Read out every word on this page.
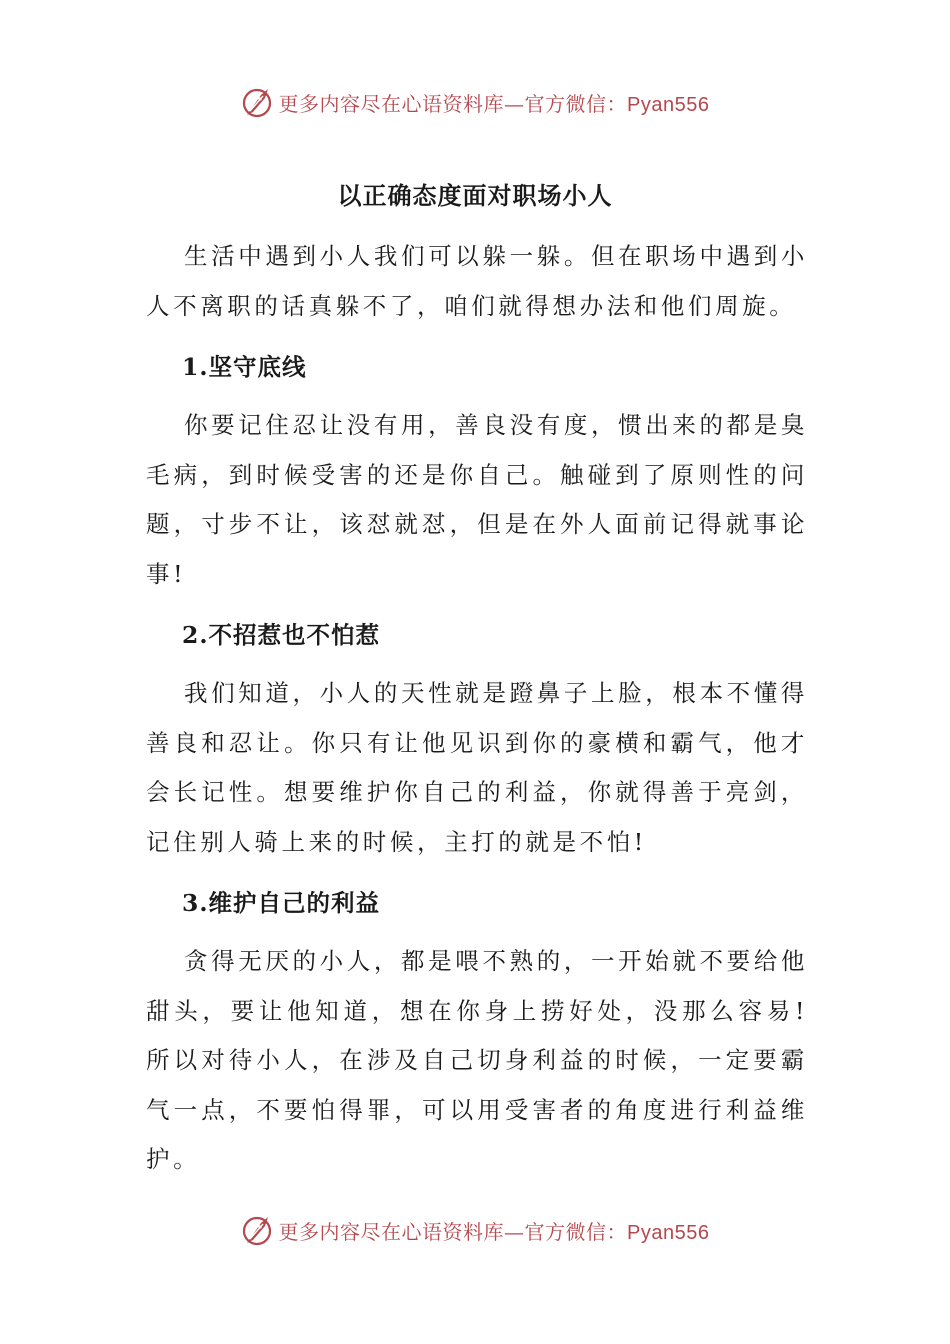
更多内容尽在心语资料库—官方微信：Pyan556
以正确态度面对职场小人

生活中遇到小人我们可以躲一躲。但在职场中遇到小人不离职的话真躲不了，咱们就得想办法和他们周旋。

1.坚守底线

你要记住忍让没有用，善良没有度，惯出来的都是臭毛病，到时候受害的还是你自己。触碰到了原则性的问题，寸步不让，该怼就怼，但是在外人面前记得就事论事!

2.不招惹也不怕惹

我们知道，小人的天性就是蹬鼻子上脸，根本不懂得善良和忍让。你只有让他见识到你的豪横和霸气，他才会长记性。想要维护你自己的利益，你就得善于亮剑，记住别人骑上来的时候，主打的就是不怕!

3.维护自己的利益

贪得无厌的小人，都是喂不熟的，一开始就不要给他甜头，要让他知道，想在你身上捞好处，没那么容易!所以对待小人，在涉及自己切身利益的时候，一定要霸气一点，不要怕得罪，可以用受害者的角度进行利益维护。

更多内容尽在心语资料库—官方微信：Pyan556
